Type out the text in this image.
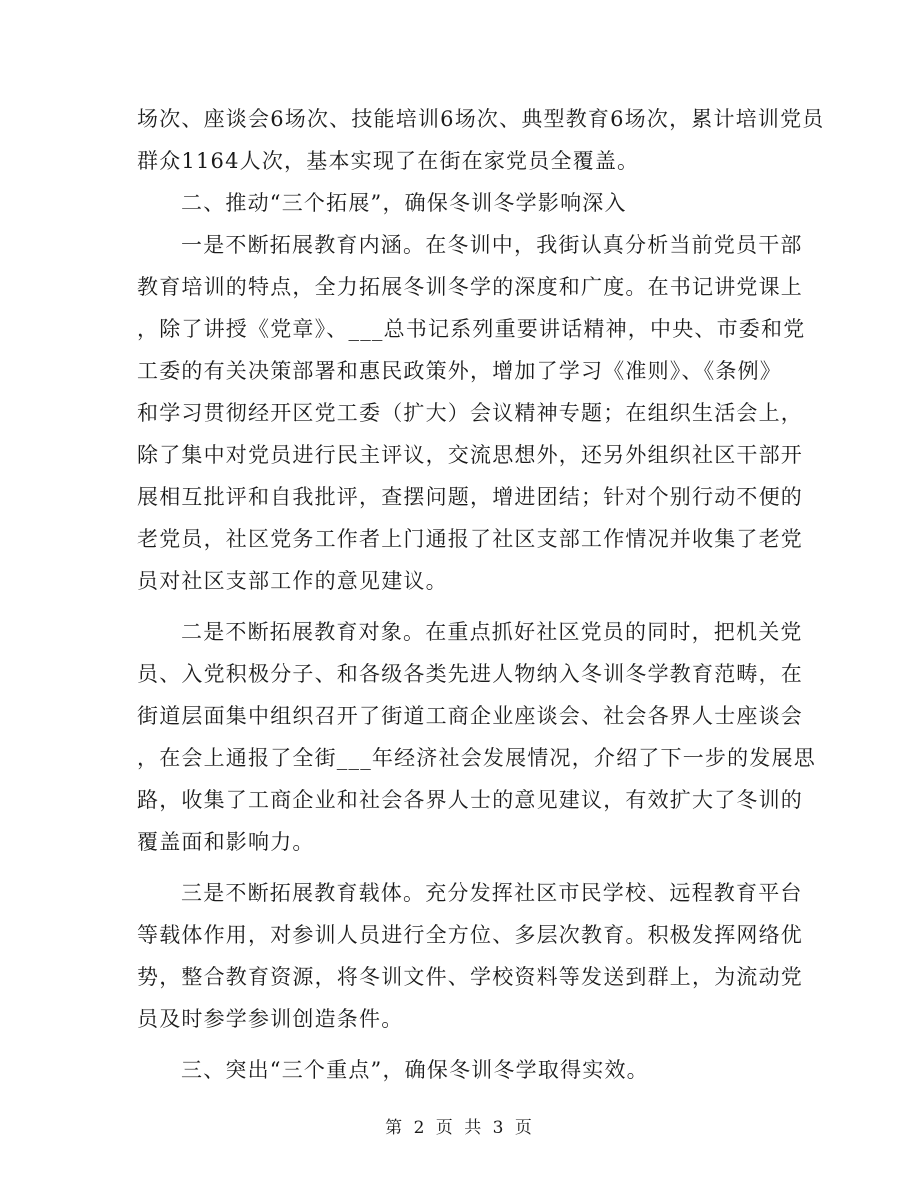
场次、座谈会6场次、技能培训6场次、典型教育6场次，累计培训党员
群众1164人次，基本实现了在街在家党员全覆盖。
二、推动“三个拓展”，确保冬训冬学影响深入
一是不断拓展教育内涵。在冬训中，我街认真分析当前党员干部
教育培训的特点，全力拓展冬训冬学的深度和广度。在书记讲党课上
，除了讲授《党章》、___总书记系列重要讲话精神，中央、市委和党
工委的有关决策部署和惠民政策外，增加了学习《准则》、《条例》
和学习贯彻经开区党工委（扩大）会议精神专题；在组织生活会上，
除了集中对党员进行民主评议，交流思想外，还另外组织社区干部开
展相互批评和自我批评，查摆问题，增进团结；针对个别行动不便的
老党员，社区党务工作者上门通报了社区支部工作情况并收集了老党
员对社区支部工作的意见建议。
二是不断拓展教育对象。在重点抓好社区党员的同时，把机关党
员、入党积极分子、和各级各类先进人物纳入冬训冬学教育范畴，在
街道层面集中组织召开了街道工商企业座谈会、社会各界人士座谈会
，在会上通报了全街___年经济社会发展情况，介绍了下一步的发展思
路，收集了工商企业和社会各界人士的意见建议，有效扩大了冬训的
覆盖面和影响力。
三是不断拓展教育载体。充分发挥社区市民学校、远程教育平台
等载体作用，对参训人员进行全方位、多层次教育。积极发挥网络优
势，整合教育资源，将冬训文件、学校资料等发送到群上，为流动党
员及时参学参训创造条件。
三、突出“三个重点”，确保冬训冬学取得实效。
第 2 页 共 3 页
